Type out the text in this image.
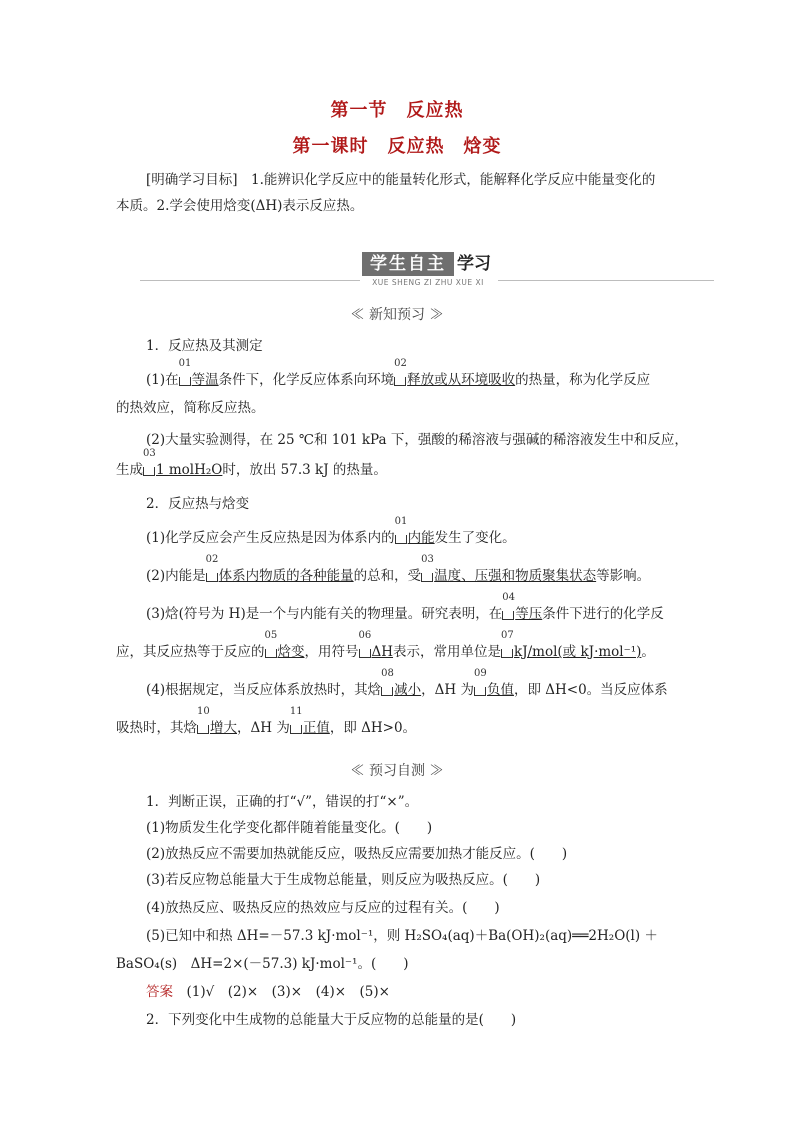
第一节　反应热
第一课时　反应热　焓变
[明确学习目标]　 1.能辨识化学反应中的能量转化形式，能解释化学反应中能量变化的
本质。2.学会使用焓变(ΔH)表示反应热。
学生自主 学习
XUE SHENG ZI ZHU XUE XI
≪ 新知预习 ≫
1．反应热及其测定
(1)在
01
等温条件下，化学反应体系向环境
02
释放或从环境吸收的热量，称为化学反应
的热效应，简称反应热。
(2)大量实验测得，在 25 ℃和 101 kPa 下，强酸的稀溶液与强碱的稀溶液发生中和反应，
生成
03
1 molH₂O时，放出 57.3 kJ 的热量。
2．反应热与焓变
(1)化学反应会产生反应热是因为体系内的
01
内能发生了变化。
(2)内能是
02
体系内物质的各种能量的总和，受
03
温度、压强和物质聚集状态等影响。
(3)焓(符号为 H)是一个与内能有关的物理量。研究表明，在
04
等压条件下进行的化学反
应，其反应热等于反应的
05
焓变，用符号
06
ΔH表示，常用单位是
07
kJ/mol(或 kJ·mol⁻¹)。
(4)根据规定，当反应体系放热时，其焓
08
减小，ΔH 为
09
负值，即 ΔH<0。当反应体系
吸热时，其焓
10
增大，ΔH 为
11
正值，即 ΔH>0。
≪ 预习自测 ≫
1．判断正误，正确的打“√”，错误的打“×”。
(1)物质发生化学变化都伴随着能量变化。(　　)
(2)放热反应不需要加热就能反应，吸热反应需要加热才能反应。(　　)
(3)若反应物总能量大于生成物总能量，则反应为吸热反应。(　　)
(4)放热反应、吸热反应的热效应与反应的过程有关。(　　)
(5)已知中和热 ΔH=－57.3 kJ·mol⁻¹，则 H₂SO₄(aq)＋Ba(OH)₂(aq)══2H₂O(l) ＋
BaSO₄(s)　ΔH=2×(－57.3) kJ·mol⁻¹。(　　)
答案　 (1)√　(2)×　(3)×　(4)×　(5)×
2．下列变化中生成物的总能量大于反应物的总能量的是(　　)
